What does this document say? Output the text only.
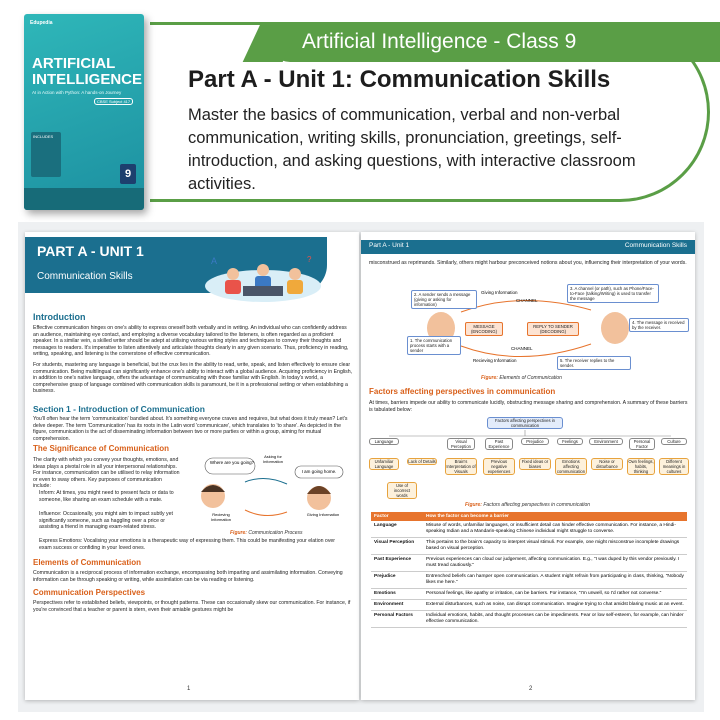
Artificial Intelligence - Class 9
Part A - Unit 1: Communication Skills
Master the basics of communication, verbal and non-verbal communication, writing skills, pronunciation, greetings, self-introduction, and asking questions, with interactive classroom activities.
Edupedia
ARTIFICIAL INTELLIGENCE
AI in Action with Python: A hands-on Journey
CBSE Subject 417
INCLUDES
9
PART A - UNIT 1
Communication Skills
A	?
Introduction
Effective communication hinges on one's ability to express oneself both verbally and in writing. An individual who can confidently address an audience, maintaining eye contact, and employing a diverse vocabulary tailored to the listeners, is often regarded as a proficient speaker. In a similar vein, a skilled writer should be adept at utilising various writing styles and techniques to convey their thoughts and messages to readers. It's imperative to listen attentively and articulate thoughts clearly in any given scenario. Thus, proficiency in reading, writing, speaking, and listening is the cornerstone of effective communication.
For students, mastering any language is beneficial, but the crux lies in the ability to read, write, speak, and listen effectively to ensure clear communication. Being multilingual can significantly enhance one's ability to interact with a global audience. Acquiring proficiency in English, in addition to one's native language, offers the advantage of communicating with those familiar with English. In today's world, a comprehensive grasp of language combined with communication skills is paramount, be it in a professional setting or when establishing a business.
Section 1 - Introduction of Communication
You'll often hear the term 'communication' bandied about. It's something everyone craves and requires, but what does it truly mean? Let's delve deeper. The term 'Communication' has its roots in the Latin word 'communicare', which translates to 'to share'. As depicted in the figure, communication is the act of disseminating information between two or more parties or within a group, aiming for mutual comprehension.
The Significance of Communication
The clarity with which you convey your thoughts, emotions, and ideas plays a pivotal role in all your interpersonal relationships. For instance, communication can be utilised to relay information or even to sway others. Key purposes of communication include:
Inform: At times, you might need to present facts or data to someone, like sharing an exam schedule with a mate.
Influence: Occasionally, you might aim to impact subtly yet significantly someone, such as haggling over a price or assisting a friend in managing exam-related stress.
Express Emotions: Vocalising your emotions is a therapeutic way of expressing them. This could be manifesting your elation over exam success or confiding in your loved ones.
Where are you going?
I am going home.
Asking for Information
Recieving Information
Giving Information
Figure: Communication Process
Elements of Communication
Communication is a reciprocal process of information exchange, encompassing both imparting and assimilating information. Conveying information can be through speaking or writing, while assimilation can be via reading or listening.
Communication Perspectives
Perspectives refer to established beliefs, viewpoints, or thought patterns. These can occasionally skew our communication. For instance, if you're convinced that a teacher or parent is stern, even their amiable gestures might be
1
Part A - Unit 1	Communication Skills
misconstrued as reprimands. Similarly, others might harbour preconceived notions about you, influencing their interpretation of your words.
2. A sender sends a message (giving or asking for information)
Giving Information
CHANNEL
3. A channel (or path), such as Phone/Face-to-Face (talking/Writing) is used to transfer the message
MESSAGE (ENCODING)
REPLY TO SENDER (DECODING)
4. The message is received by the receiver.
1. The communication process starts with a sender	CHANNEL
Recieving Information	5. The receiver replies to the sender.
Figure: Elements of Communication
Factors affecting perspectives in communication
At times, barriers impede our ability to communicate lucidly, obstructing message sharing and comprehension. A summary of these barriers is tabulated below:
Factors affecting perspectives in communication
Language	Visual Perception
Past Experience
Prejudice	Feelings	Environment	Personal Factor
Culture
Unfamiliar Language
Lack of Details	Brain's Interpretation of Visuals
Previous negative experiences
Fixed ideas or biases
Emotions affecting communication
Noise or disturbance
Own feelings, habits, thinking
Different meanings in cultures
Use of incorrect words
Figure: Factors affecting perspectives in communication
Factor	How the factor can become a barrier
Language	Misuse of words, unfamiliar languages, or insufficient detail can hinder effective communication. For instance, a Hindi-speaking Indian and a Mandarin-speaking Chinese individual might struggle to converse.
Visual Perception	This pertains to the brain's capacity to interpret visual stimuli. For example, one might misconstrue incomplete drawings based on visual perception.
Past Experience	Previous experiences can cloud our judgement, affecting communication. E.g., "I was duped by this vendor previously. I must tread cautiously."
Prejudice	Entrenched beliefs can hamper open communication. A student might refrain from participating in class, thinking, "Nobody likes me here."
Emotions	Personal feelings, like apathy or irritation, can be barriers. For instance, "I'm unwell, so I'd rather not converse."
Environment	External disturbances, such as noise, can disrupt communication. Imagine trying to chat amidst blaring music at an event.
Personal Factors	Individual emotions, habits, and thought processes can be impediments. Fear or low self-esteem, for example, can hinder effective communication.
2
